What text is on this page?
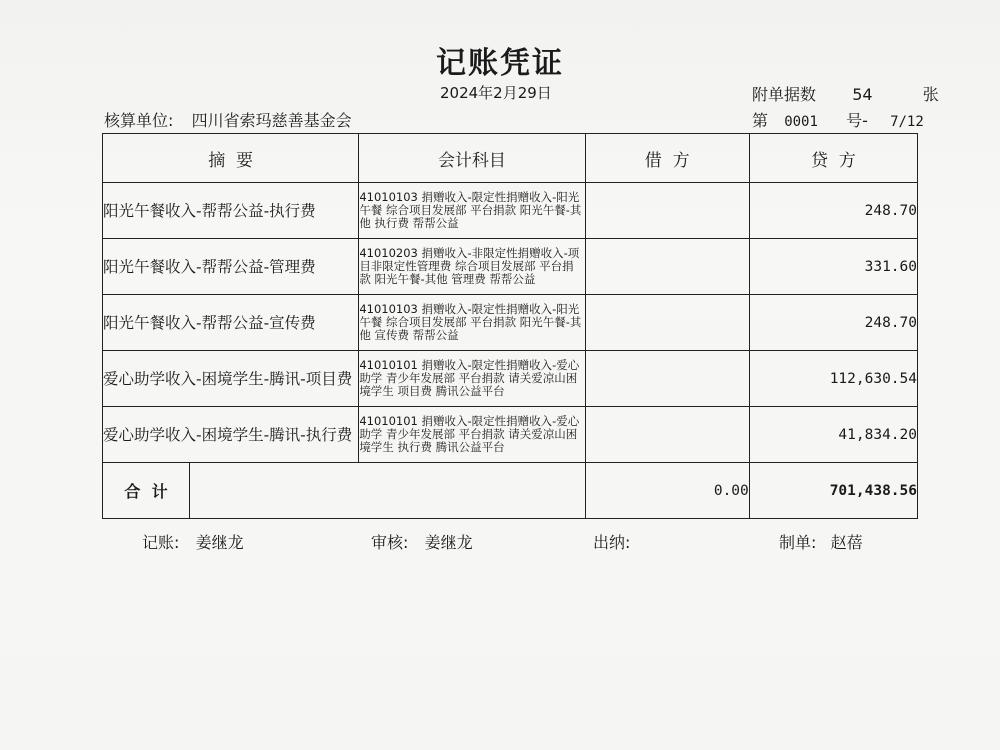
记账凭证
2024年2月29日	附单据数 54	张
核算单位: 四川省索玛慈善基金会	第 0001 号- 7/12
摘  要	会计科目	借  方	贷  方
阳光午餐收入-帮帮公益-执行费	41010103 捐赠收入-限定性捐赠收入-阳光午餐 综合项目发展部 平台捐款 阳光午餐-其他 执行费 帮帮公益		248.70
阳光午餐收入-帮帮公益-管理费	41010203 捐赠收入-非限定性捐赠收入-项目非限定性管理费 综合项目发展部 平台捐款 阳光午餐-其他 管理费 帮帮公益		331.60
阳光午餐收入-帮帮公益-宣传费	41010103 捐赠收入-限定性捐赠收入-阳光午餐 综合项目发展部 平台捐款 阳光午餐-其他 宣传费 帮帮公益		248.70
爱心助学收入-困境学生-腾讯-项目费	41010101 捐赠收入-限定性捐赠收入-爱心助学 青少年发展部 平台捐款 请关爱凉山困境学生 项目费 腾讯公益平台		112,630.54
爱心助学收入-困境学生-腾讯-执行费	41010101 捐赠收入-限定性捐赠收入-爱心助学 青少年发展部 平台捐款 请关爱凉山困境学生 执行费 腾讯公益平台		41,834.20

合  计		0.00	701,438.56
记账: 姜继龙	审核: 姜继龙	出纳:	制单: 赵蓓
